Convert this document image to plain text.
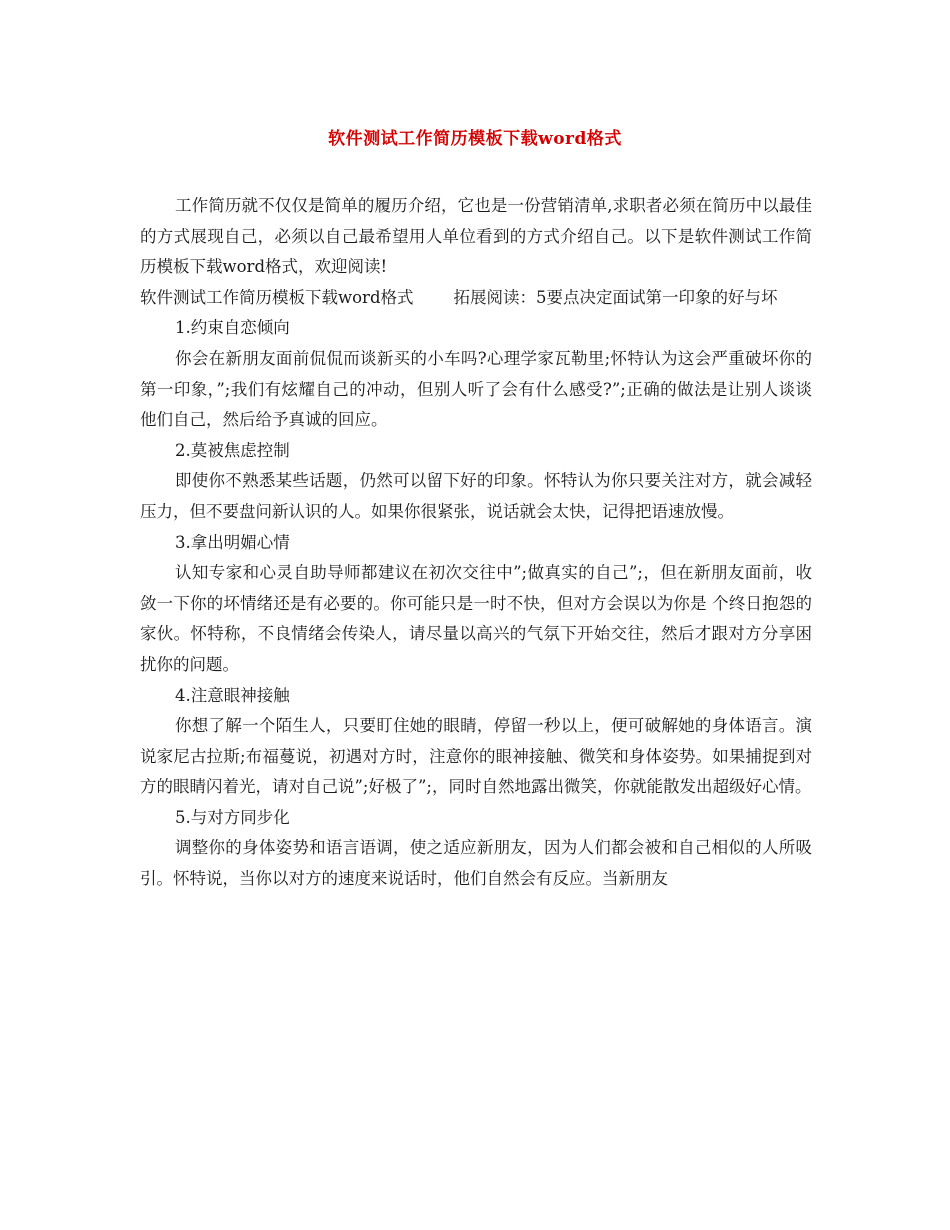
软件测试工作简历模板下载word格式

工作简历就不仅仅是简单的履历介绍，它也是一份营销清单,求职者必须在简历中以最佳的方式展现自己，必须以自己最希望用人单位看到的方式介绍自己。以下是软件测试工作简历模板下载word格式，欢迎阅读!

软件测试工作简历模板下载word格式 拓展阅读：5要点决定面试第一印象的好与坏

1.约束自恋倾向

你会在新朋友面前侃侃而谈新买的小车吗?心理学家瓦勒里;怀特认为这会严重破坏你的第一印象，”;我们有炫耀自己的冲动，但别人听了会有什么感受?”;正确的做法是让别人谈谈他们自己，然后给予真诚的回应。

2.莫被焦虑控制

即使你不熟悉某些话题，仍然可以留下好的印象。怀特认为你只要关注对方，就会减轻压力，但不要盘问新认识的人。如果你很紧张，说话就会太快，记得把语速放慢。

3.拿出明媚心情

认知专家和心灵自助导师都建议在初次交往中”;做真实的自己”;，但在新朋友面前，收敛一下你的坏情绪还是有必要的。你可能只是一时不快，但对方会误以为你是 个终日抱怨的家伙。怀特称，不良情绪会传染人，请尽量以高兴的气氛下开始交往，然后才跟对方分享困扰你的问题。

4.注意眼神接触

你想了解一个陌生人，只要盯住她的眼睛，停留一秒以上，便可破解她的身体语言。演说家尼古拉斯;布福蔓说，初遇对方时，注意你的眼神接触、微笑和身体姿势。如果捕捉到对方的眼睛闪着光，请对自己说”;好极了”;，同时自然地露出微笑，你就能散发出超级好心情。

5.与对方同步化

调整你的身体姿势和语言语调，使之适应新朋友，因为人们都会被和自己相似的人所吸引。怀特说，当你以对方的速度来说话时，他们自然会有反应。当新朋友
